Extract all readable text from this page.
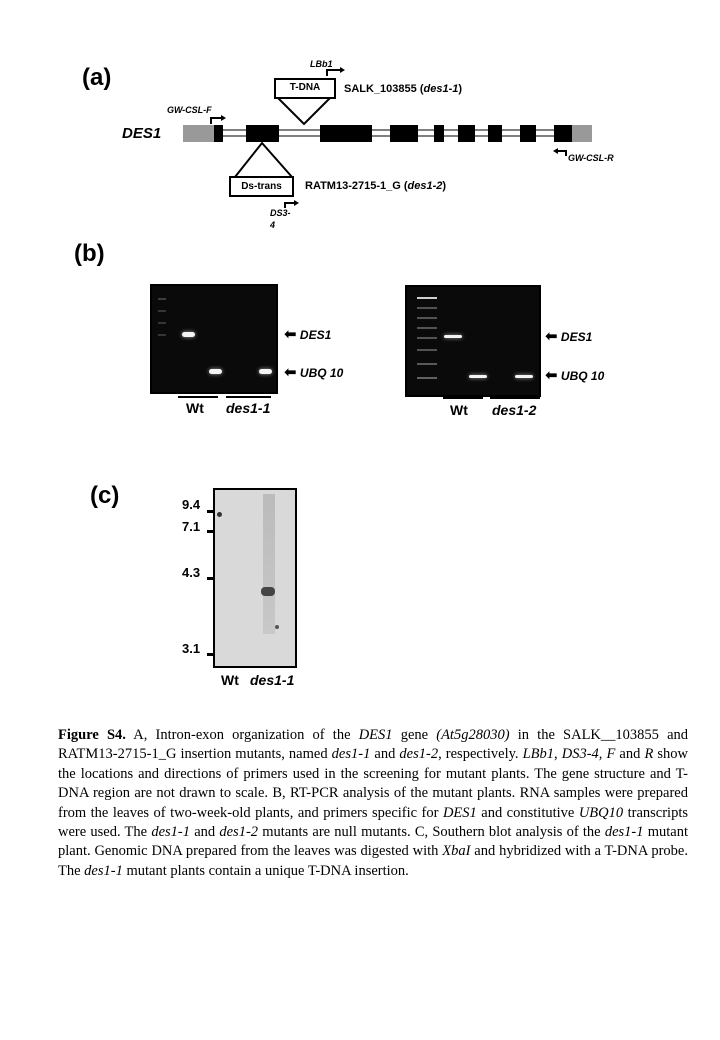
(a)
DES1
T-DNA	SALK_103855 (des1-1)
Ds-trans	RATM13-2715-1_G (des1-2)
LBb1
GW-CSL-F
GW-CSL-R
DS3-
4
(b)
⬅ DES1
⬅ UBQ 10
Wt des1-1
⬅ DES1
⬅ UBQ 10
Wt des1-2
(c)	9.4
7.1
4.3
3.1
Wt des1-1
Figure S4. A, Intron-exon organization of the DES1 gene (At5g28030) in the SALK__103855 and RATM13-2715-1_G insertion mutants, named des1-1 and des1-2, respectively. LBb1, DS3-4, F and R show the locations and directions of primers used in the screening for mutant plants. The gene structure and T-DNA region are not drawn to scale. B, RT-PCR analysis of the mutant plants. RNA samples were prepared from the leaves of two-week-old plants, and primers specific for DES1 and constitutive UBQ10 transcripts were used. The des1-1 and des1-2 mutants are null mutants. C, Southern blot analysis of the des1-1 mutant plant. Genomic DNA prepared from the leaves was digested with XbaI and hybridized with a T-DNA probe. The des1-1 mutant plants contain a unique T-DNA insertion.
